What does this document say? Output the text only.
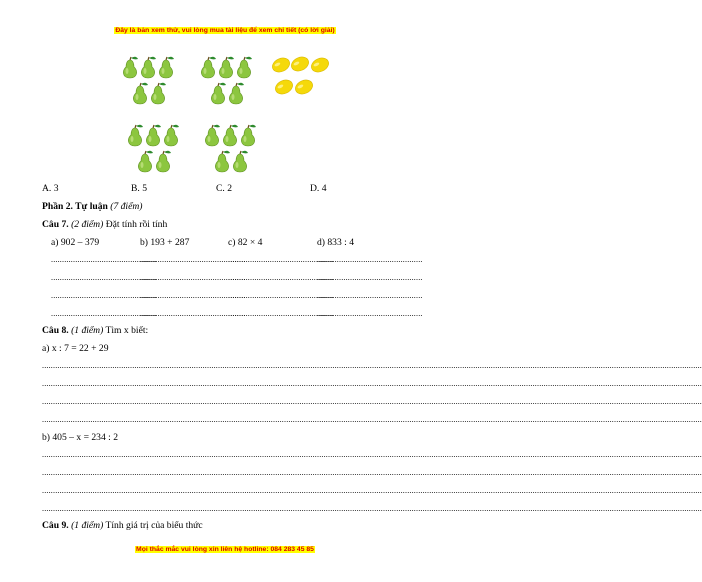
Đây là bản xem thử, vui lòng mua tài liệu để xem chi tiết (có lời giải)
A. 3	B. 5	C. 2	D. 4
Phần 2. Tự luận (7 điểm)
Câu 7. (2 điểm) Đặt tính rồi tính
a) 902 – 379	b) 193 + 287	c) 82 × 4	d) 833 : 4
................................................
................................................
................................................
................................................
................................................
................................................
................................................
................................................
................................................
................................................
................................................
................................................
................................................
................................................
................................................
................................................
Câu 8. (1 điểm) Tìm x biết:
a) x : 7 = 22 + 29
............................................................................................................................................................................................................................................................................................................
............................................................................................................................................................................................................................................................................................................
............................................................................................................................................................................................................................................................................................................
............................................................................................................................................................................................................................................................................................................
b) 405 – x = 234 : 2
............................................................................................................................................................................................................................................................................................................
............................................................................................................................................................................................................................................................................................................
............................................................................................................................................................................................................................................................................................................
............................................................................................................................................................................................................................................................................................................
Câu 9. (1 điểm) Tính giá trị của biểu thức
Mọi thắc mắc vui lòng xin liên hệ hotline: 084 283 45 85
